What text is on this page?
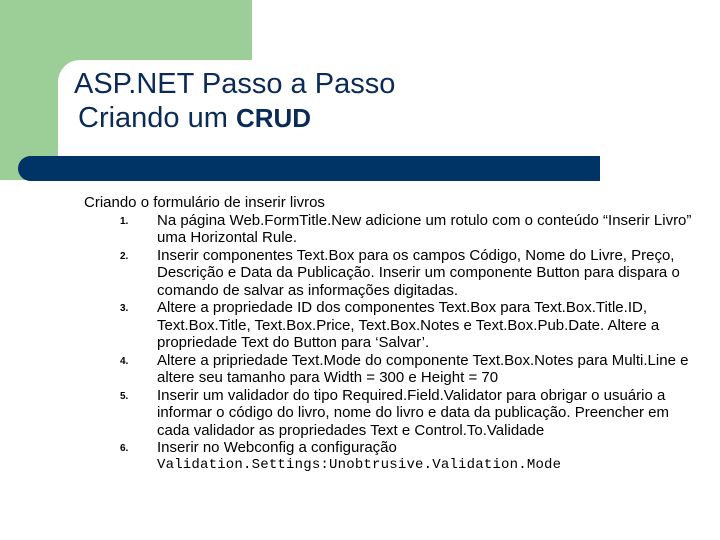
ASP.NET Passo a Passo
Criando um CRUD

Criando o formulário de inserir livros

1. Na página Web.FormTitle.New adicione um rotulo com o conteúdo “Inserir Livro” uma Horizontal Rule.
2. Inserir componentes Text.Box para os campos Código, Nome do Livre, Preço, Descrição e Data da Publicação. Inserir um componente Button para dispara o comando de salvar as informações digitadas.
3. Altere a propriedade ID dos componentes Text.Box para Text.Box.Title.ID, Text.Box.Title, Text.Box.Price, Text.Box.Notes e Text.Box.Pub.Date. Altere a propriedade Text do Button para ‘Salvar’.
4. Altere a pripriedade Text.Mode do componente Text.Box.Notes para Multi.Line e altere seu tamanho para Width = 300 e Height = 70
5. Inserir um validador do tipo Required.Field.Validator para obrigar o usuário a informar o código do livro, nome do livro e data da publicação. Preencher em cada validador as propriedades Text e Control.To.Validade
6. Inserir no Webconfig a configuração
Validation.Settings:Unobtrusive.Validation.Mode
